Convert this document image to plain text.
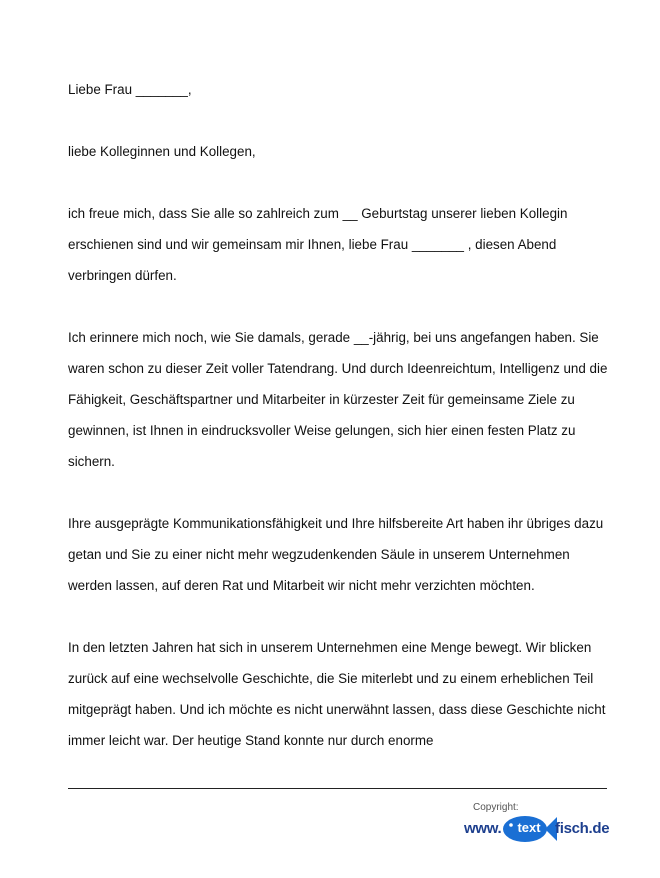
Liebe Frau _______,

liebe Kolleginnen und Kollegen,

ich freue mich, dass Sie alle so zahlreich zum __ Geburtstag unserer lieben Kollegin erschienen sind und wir gemeinsam mir Ihnen, liebe Frau _______ , diesen Abend verbringen dürfen.

Ich erinnere mich noch, wie Sie damals, gerade __-jährig, bei uns angefangen haben. Sie waren schon zu dieser Zeit voller Tatendrang. Und durch Ideenreichtum, Intelligenz und die Fähigkeit, Geschäftspartner und Mitarbeiter in kürzester Zeit für gemeinsame Ziele zu gewinnen, ist Ihnen in eindrucksvoller Weise gelungen, sich hier einen festen Platz zu sichern.

Ihre ausgeprägte Kommunikationsfähigkeit und Ihre hilfsbereite Art haben ihr übriges dazu getan und Sie zu einer nicht mehr wegzudenkenden Säule in unserem Unternehmen werden lassen, auf deren Rat und Mitarbeit wir nicht mehr verzichten möchten.

In den letzten Jahren hat sich in unserem Unternehmen eine Menge bewegt. Wir blicken zurück auf eine wechselvolle Geschichte, die Sie miterlebt und zu einem erheblichen Teil mitgeprägt haben. Und ich möchte es nicht unerwähnt lassen, dass diese Geschichte nicht immer leicht war. Der heutige Stand konnte nur durch enorme

Copyright:
www.	text fisch.de
